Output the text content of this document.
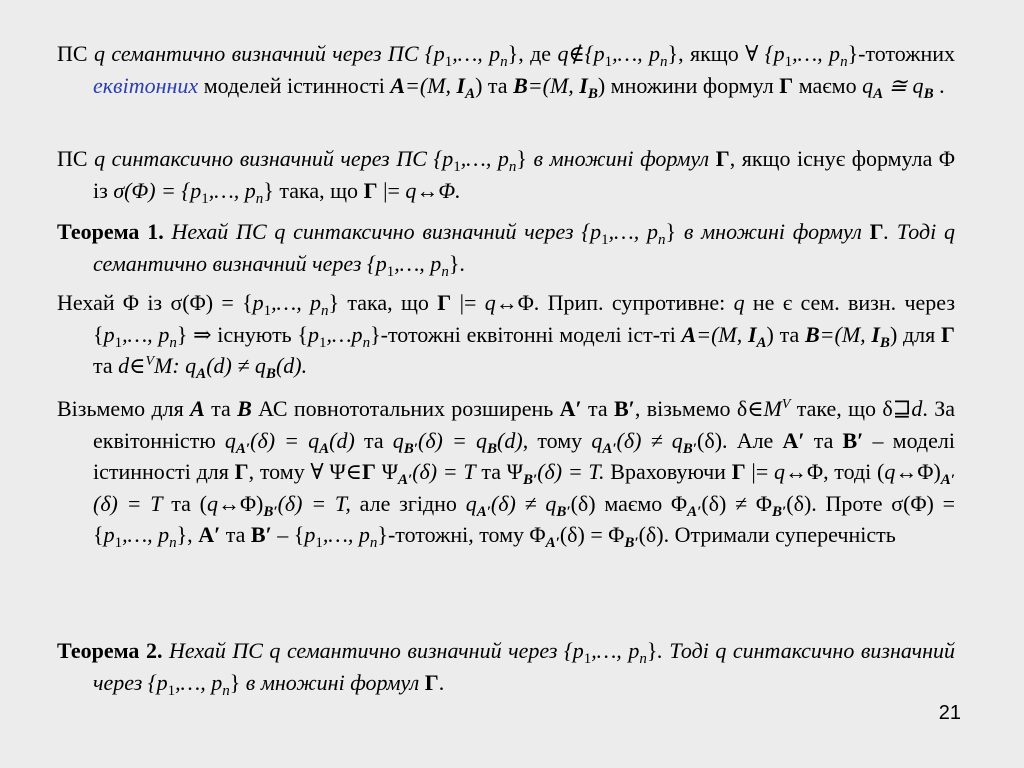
ПС q семантично визначний через ПС {$p_1,\dots$, $p_n$}, де $q\notin\{p_1,\dots$, $p_n$}, якщо ∀ {$p_1,\dots$, $p_n$}-тотожних еквітонних моделей істинності A=(M, $I_A$) та B=(M, $I_B$) множини формул Γ маємо $q_A$ ≅ $q_B$ .
ПС q синтаксично визначний через ПС {$p_1,\dots$, $p_n$} в множині формул Γ, якщо існує формула Φ із $\sigma(\Phi) = \{p_1,\dots$, $p_n$} така, що Γ |= q↔Φ.
Теорема 1. Нехай ПС q синтаксично визначний через {$p_1,\dots$, $p_n$} в множині формул Γ. Тоді q семантично визначний через {$p_1,\dots$, $p_n$}.
Нехай Φ із $\sigma(\Phi) = \{p_1,\dots$, $p_n$} така, що Γ |= q↔Φ. Прип. супротивне: q не є сем. визн. через {$p_1,\dots$, $p_n$} ⇒ існують $\{p_1,\dots p_n\}$-тотожні еквітонні моделі іст-ті A=(M, $I_A$) та B=(M, $I_B$) для Γ та d∈$^V$M: $q_A(d) \ne q_B(d)$.
Візьмемо для A та B АС повнототальних розширень A′ та B′, візьмемо $\delta\in M^V$ таке, що δ⊒d. За еквітонністю $q_{A'}(\delta) = q_A(d)$ та $q_{B'}(\delta) = q_B(d)$, тому $q_{A'}(\delta) \ne q_{B'}(\delta)$. Але A′ та B′ – моделі істинності для Γ, тому ∀ Ψ∈Γ $\Psi_{A'}(\delta) = T$ та $\Psi_{B'}(\delta) = T$. Враховуючи Γ |= q↔Φ, тоді $(q\leftrightarrow\Phi)_{A'}(\delta) = T$ та $(q\leftrightarrow\Phi)_{B'}(\delta) = T$, але згідно $q_{A'}(\delta) \ne q_{B'}(\delta)$ маємо $\Phi_{A'}(\delta) \ne \Phi_{B'}(\delta)$. Проте $\sigma(\Phi) = \{p_1,\dots$, $p_n$}, A′ та $B' - \{p_1,\dots$, $p_n$}-тотожні, тому $\Phi_{A'}(\delta) = \Phi_{B'}(\delta)$. Отримали суперечність
Теорема 2. Нехай ПС q семантично визначний через {$p_1,\dots$, $p_n$}. Тоді q синтаксично визначний через {$p_1,\dots$, $p_n$} в множині формул Γ.
21
